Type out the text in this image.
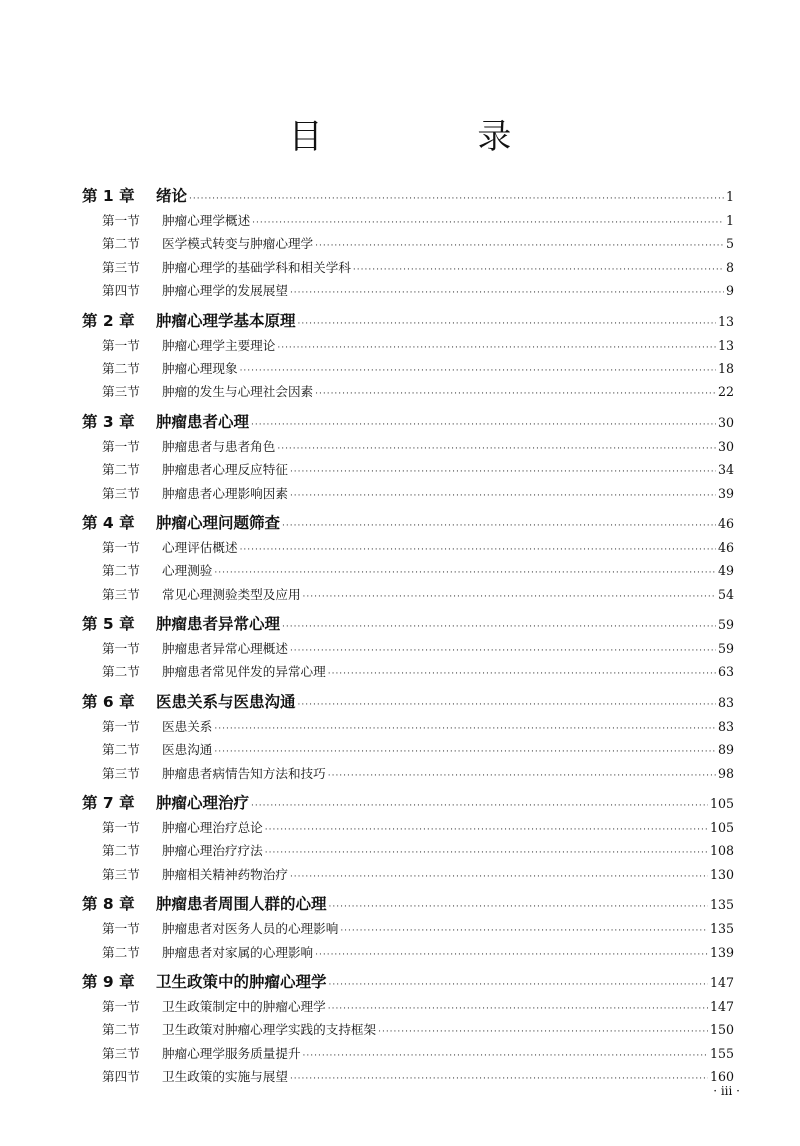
目 录
第 1 章	绪论 ·····	1
第一节	肿瘤心理学概述 ·····	1
第二节	医学模式转变与肿瘤心理学 ·····	5
第三节	肿瘤心理学的基础学科和相关学科 ·····	8
第四节	肿瘤心理学的发展展望 ·····	9
第 2 章	肿瘤心理学基本原理 ·····	13
第一节	肿瘤心理学主要理论 ·····	13
第二节	肿瘤心理现象 ·····	18
第三节	肿瘤的发生与心理社会因素 ·····	22
第 3 章	肿瘤患者心理 ·····	30
第一节	肿瘤患者与患者角色 ·····	30
第二节	肿瘤患者心理反应特征 ·····	34
第三节	肿瘤患者心理影响因素 ·····	39
第 4 章	肿瘤心理问题筛查 ·····	46
第一节	心理评估概述 ·····	46
第二节	心理测验 ·····	49
第三节	常见心理测验类型及应用 ·····	54
第 5 章	肿瘤患者异常心理 ·····	59
第一节	肿瘤患者异常心理概述 ·····	59
第二节	肿瘤患者常见伴发的异常心理 ·····	63
第 6 章	医患关系与医患沟通 ·····	83
第一节	医患关系 ·····	83
第二节	医患沟通 ·····	89
第三节	肿瘤患者病情告知方法和技巧 ·····	98
第 7 章	肿瘤心理治疗 ·····	105
第一节	肿瘤心理治疗总论 ·····	105
第二节	肿瘤心理治疗疗法 ·····	108
第三节	肿瘤相关精神药物治疗 ·····	130
第 8 章	肿瘤患者周围人群的心理 ·····	135
第一节	肿瘤患者对医务人员的心理影响 ·····	135
第二节	肿瘤患者对家属的心理影响 ·····	139
第 9 章	卫生政策中的肿瘤心理学 ·····	147
第一节	卫生政策制定中的肿瘤心理学 ·····	147
第二节	卫生政策对肿瘤心理学实践的支持框架 ·····	150
第三节	肿瘤心理学服务质量提升 ·····	155
第四节	卫生政策的实施与展望 ·····	160
· iii ·
